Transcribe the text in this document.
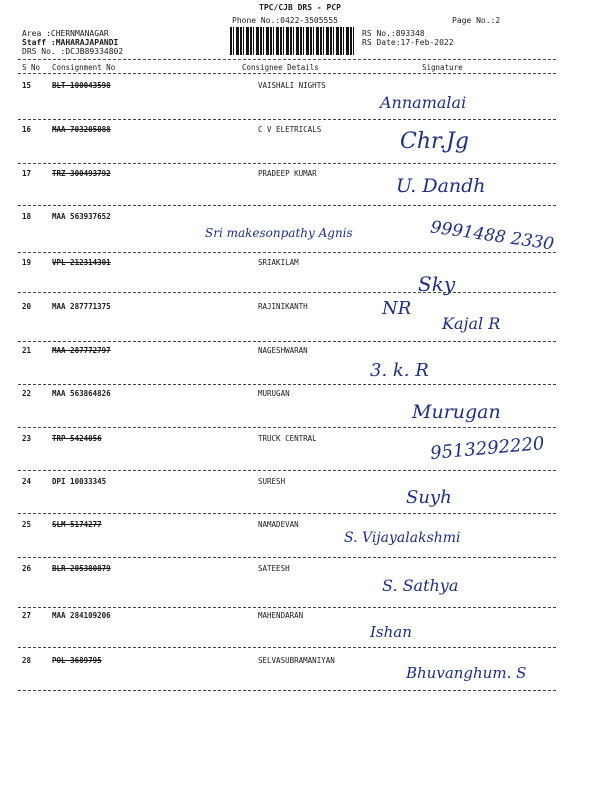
TPC/CJB DRS - PCP
Phone No.:0422-3505555	Page No.:2
Area :CHERNMANAGAR
Staff :MAHARAJAPANDI
DRS No. :DCJB89334802
RS No.:893348
RS Date:17-Feb-2022
S No Consignment No	Consignee Details	Signature
15	BLT 100043598	VAISHALI NIGHTS
Annamalai
16	MAA 703205088	C V ELETRICALS	Chr.Jg
17	TRZ 300493792	PRADEEP KUMAR
U. Dandh
18	MAA 563937652
Sri makesonpathy Agnis	9991488 2330
19	VPL 212314301	SRIAKILAM
Sky
20	MAA 287771375	RAJINIKANTH	NR
Kajal R
21	MAA 287772797	NAGESHWARAN
3. k. R
22	MAA 563864826	MURUGAN
Murugan
23	TRP 5424056	TRUCK CENTRAL	9513292220
24	DPI 10033345	SURESH
Suyh
25	SLM 5174277	NAMADEVAN
S. Vijayalakshmi
26	BLR 205380879	SATEESH
S. Sathya
27	MAA 284109206	MAHENDARAN
Ishan
28	POL 3689795	SELVASUBRAMANIYAN
Bhuvanghum. S
